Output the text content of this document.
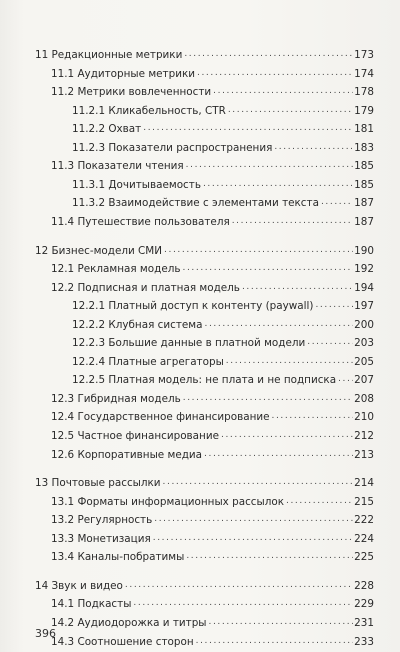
11 Редакционные метрики .....	173
11.1 Аудиторные метрики .....	174
11.2 Метрики вовлеченности .....	178
11.2.1 Кликабельность, CTR .....	179
11.2.2 Охват .....	181
11.2.3 Показатели распространения .....	183
11.3 Показатели чтения .....	185
11.3.1 Дочитываемость .....	185
11.3.2 Взаимодействие с элементами текста .....	187
11.4 Путешествие пользователя .....	187
12 Бизнес-модели СМИ .....	190
12.1 Рекламная модель .....	192
12.2 Подписная и платная модель .....	194
12.2.1 Платный доступ к контенту (paywall) .....	197
12.2.2 Клубная система .....	200
12.2.3 Большие данные в платной модели .....	203
12.2.4 Платные агрегаторы .....	205
12.2.5 Платная модель: не плата и не подписка ..... 207
12.3 Гибридная модель .....	208
12.4 Государственное финансирование .....	210
12.5 Частное финансирование .....	212
12.6 Корпоративные медиа .....	213
13 Почтовые рассылки .....	214
13.1 Форматы информационных рассылок .....	215
13.2 Регулярность .....	222
13.3 Монетизация .....	224
13.4 Каналы-побратимы .....	225
14 Звук и видео .....	228
14.1 Подкасты .....	229
14.2 Аудиодорожка и титры .....	231
14.3 Соотношение сторон .....	233
396
